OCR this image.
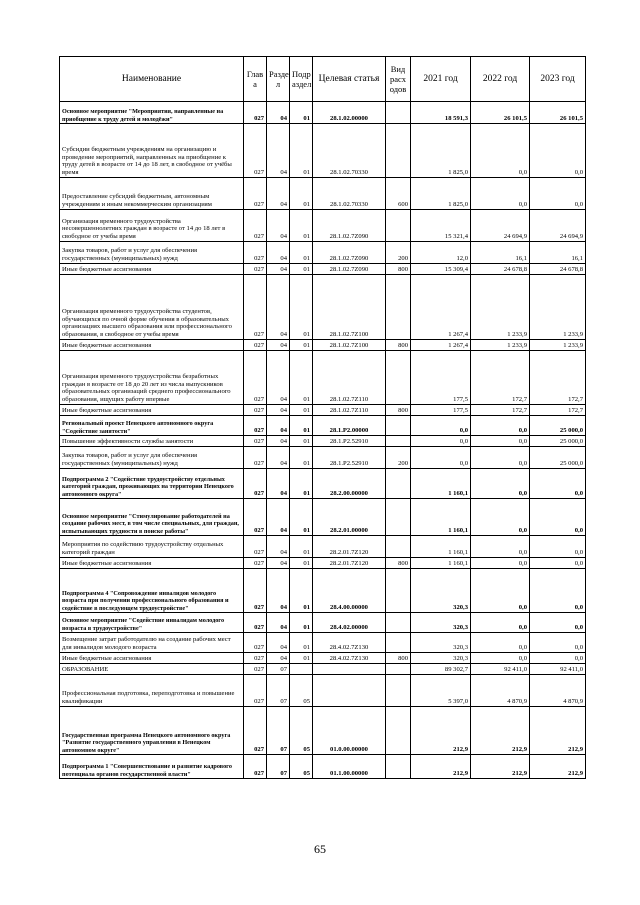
Наименование	Глав а	Разде л	Подр аздел	Целевая статья	Вид расх одов	2021 год	2022 год	2023 год
Основное мероприятие "Мероприятия, направленные на приобщение к труду детей и молодёжи"	027	04	01	28.1.02.00000		18 591,3	26 101,5	26 101,5
Субсидии бюджетным учреждениям на организацию и проведение мероприятий, направленных на приобщение к труду детей в возрасте от 14 до 18 лет, в свободное от учёбы время	027	04	01	28.1.02.70330		1 825,0	0,0	0,0
Предоставление субсидий бюджетным, автономным учреждениям и иным некоммерческим организациям	027	04	01	28.1.02.70330	600	1 825,0	0,0	0,0
Организация временного трудоустройства несовершеннолетних граждан в возрасте от 14 до 18 лет в свободное от учебы время	027	04	01	28.1.02.7Z090		15 321,4	24 694,9	24 694,9
Закупка товаров, работ и услуг для обеспечения государственных (муниципальных) нужд	027	04	01	28.1.02.7Z090	200	12,0	16,1	16,1
Иные бюджетные ассигнования	027	04	01	28.1.02.7Z090	800	15 309,4	24 678,8	24 678,8
Организация временного трудоустройства студентов, обучающихся по очной форме обучения в образовательных организациях высшего образования или профессионального образования, в свободное от учебы время	027	04	01	28.1.02.7Z100		1 267,4	1 233,9	1 233,9
Иные бюджетные ассигнования	027	04	01	28.1.02.7Z100	800	1 267,4	1 233,9	1 233,9
Организация временного трудоустройства безработных граждан в возрасте от 18 до 20 лет из числа выпускников образовательных организаций среднего профессионального образования, ищущих работу впервые	027	04	01	28.1.02.7Z110		177,5	172,7	172,7
Иные бюджетные ассигнования	027	04	01	28.1.02.7Z110	800	177,5	172,7	172,7
Региональный проект Ненецкого автономного округа "Содействие занятости"	027	04	01	28.1.P2.00000		0,0	0,0	25 000,0
Повышение эффективности службы занятости	027	04	01	28.1.P2.52910		0,0	0,0	25 000,0
Закупка товаров, работ и услуг для обеспечения государственных (муниципальных) нужд	027	04	01	28.1.P2.52910	200	0,0	0,0	25 000,0
Подпрограмма 2 "Содействие трудоустройству отдельных категорий граждан, проживающих на территории Ненецкого автономного округа"	027	04	01	28.2.00.00000		1 160,1	0,0	0,0
Основное мероприятие "Стимулирование работодателей на создание рабочих мест, в том числе специальных, для граждан, испытывающих трудности в поиске работы"	027	04	01	28.2.01.00000		1 160,1	0,0	0,0
Мероприятия по содействию трудоустройству отдельных категорий граждан	027	04	01	28.2.01.7Z120		1 160,1	0,0	0,0
Иные бюджетные ассигнования	027	04	01	28.2.01.7Z120	800	1 160,1	0,0	0,0
Подпрограмма 4 "Сопровождение инвалидов молодого возраста при получении профессионального образования и содействие в последующем трудоустройстве"	027	04	01	28.4.00.00000		320,3	0,0	0,0
Основное мероприятие "Содействие инвалидам молодого возраста в трудоустройстве"	027	04	01	28.4.02.00000		320,3	0,0	0,0
Возмещение затрат работодателю на создание рабочих мест для инвалидов молодого возраста	027	04	01	28.4.02.7Z130		320,3	0,0	0,0
Иные бюджетные ассигнования	027	04	01	28.4.02.7Z130	800	320,3	0,0	0,0
ОБРАЗОВАНИЕ	027	07				89 302,7	92 411,0	92 411,0
Профессиональная подготовка, переподготовка и повышение квалификации	027	07	05			5 397,0	4 870,9	4 870,9
Государственная программа Ненецкого автономного округа "Развитие государственного управления в Ненецком автономном округе"	027	07	05	01.0.00.00000		212,9	212,9	212,9
Подпрограмма 1 "Совершенствование и развитие кадрового потенциала органов государственной власти"	027	07	05	01.1.00.00000		212,9	212,9	212,9
65
